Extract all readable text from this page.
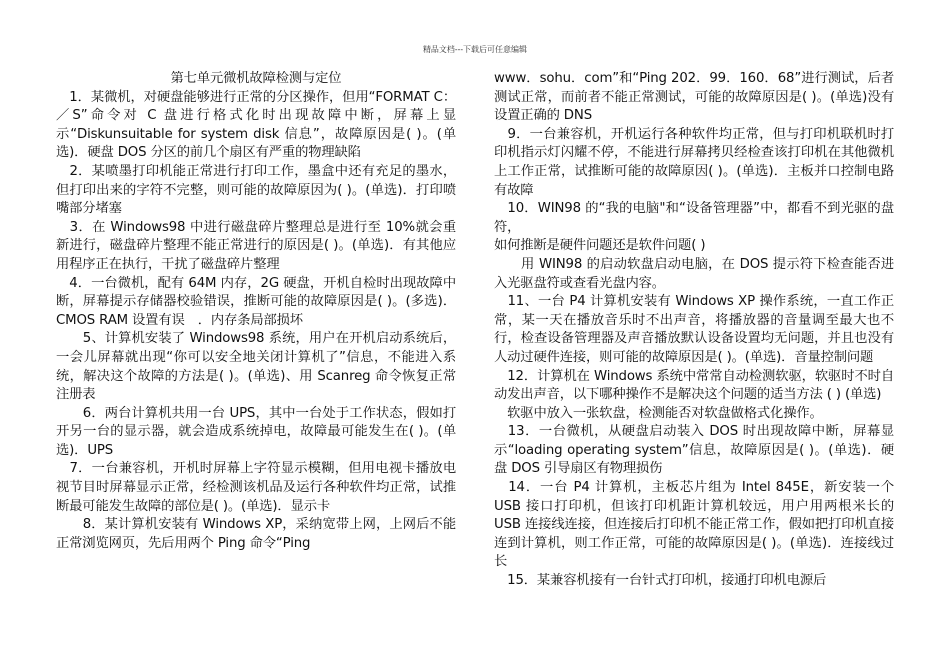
精品文档---下载后可任意编辑
第七单元微机故障检测与定位

　1．某微机，对硬盘能够进行正常的分区操作，但用“FORMAT C：／S”命令对 C 盘进行格式化时出现故障中断，屏幕上显示“Diskunsuitable for system disk 信息”，故障原因是( )。(单选)．硬盘 DOS 分区的前几个扇区有严重的物理缺陷

　2．某喷墨打印机能正常进行打印工作，墨盒中还有充足的墨水，但打印出来的字符不完整，则可能的故障原因为( )。(单选)．打印喷嘴部分堵塞

　3．在 Windows98 中进行磁盘碎片整理总是进行至 10%就会重新进行，磁盘碎片整理不能正常进行的原因是( )。(单选)．有其他应用程序正在执行，干扰了磁盘碎片整理

　4．一台微机，配有 64M 内存，2G 硬盘，开机自检时出现故障中断，屏幕提示存储器校验错误，推断可能的故障原因是( )。(多选)．CMOS RAM 设置有误　．内存条局部损坏

　　5、计算机安装了 Windows98 系统，用户在开机启动系统后，一会儿屏幕就出现“你可以安全地关闭计算机了”信息，不能进入系统，解决这个故障的方法是( )。(单选)、用 Scanreg 命令恢复正常注册表

　　6．两台计算机共用一台 UPS，其中一台处于工作状态，假如打开另一台的显示器，就会造成系统掉电，故障最可能发生在( )。(单选)．UPS

　7．一台兼容机，开机时屏幕上字符显示模糊，但用电视卡播放电视节目时屏幕显示正常，经检测该机品及运行各种软件均正常，试推断最可能发生故障的部位是( )。(单选)．显示卡

　　8．某计算机安装有 Windows XP，采纳宽带上网，上网后不能正常浏览网页，先后用两个 Ping 命令“Ping

www．sohu．com”和“Ping 202．99．160．68”进行测试，后者测试正常，而前者不能正常测试，可能的故障原因是( )。(单选)没有设置正确的 DNS

　9．一台兼容机，开机运行各种软件均正常，但与打印机联机时打印机指示灯闪耀不停，不能进行屏幕拷贝经检查该打印机在其他微机上工作正常，试推断可能的故障原因( )。(单选)．主板并口控制电路有故障

　10．WIN98 的“我的电脑"和“设备管理器”中，都看不到光驱的盘符，

如何推断是硬件问题还是软件问题( )

　　用 WIN98 的启动软盘启动电脑，在 DOS 提示符下检查能否进入光驱盘符或查看光盘内容。

　11、一台 P4 计算机安装有 Windows XP 操作系统，一直工作正常，某一天在播放音乐时不出声音，将播放器的音量调至最大也不行，检查设备管理器及声音播放默认设备设置均无问题，并且也没有人动过硬件连接，则可能的故障原因是( )。(单选)．音量控制问题

　12．计算机在 Windows 系统中常常自动检测软驱，软驱时不时自动发出声音，以下哪种操作不是解决这个问题的适当方法 ( ) (单选)

　软驱中放入一张软盘，检测能否对软盘做格式化操作。

　13．一台微机，从硬盘启动装入 DOS 时出现故障中断，屏幕显示“loading operating system”信息，故障原因是( )。(单选)．硬盘 DOS 引导扇区有物理损伤

　14．一台 P4 计算机，主板芯片组为 Intel 845E，新安装一个 USB 接口打印机，但该打印机距计算机较远，用户用两根米长的 USB 连接线连接，但连接后打印机不能正常工作，假如把打印机直接连到计算机，则工作正常，可能的故障原因是( )。(单选)．连接线过长

　15．某兼容机接有一台针式打印机，接通打印机电源后
